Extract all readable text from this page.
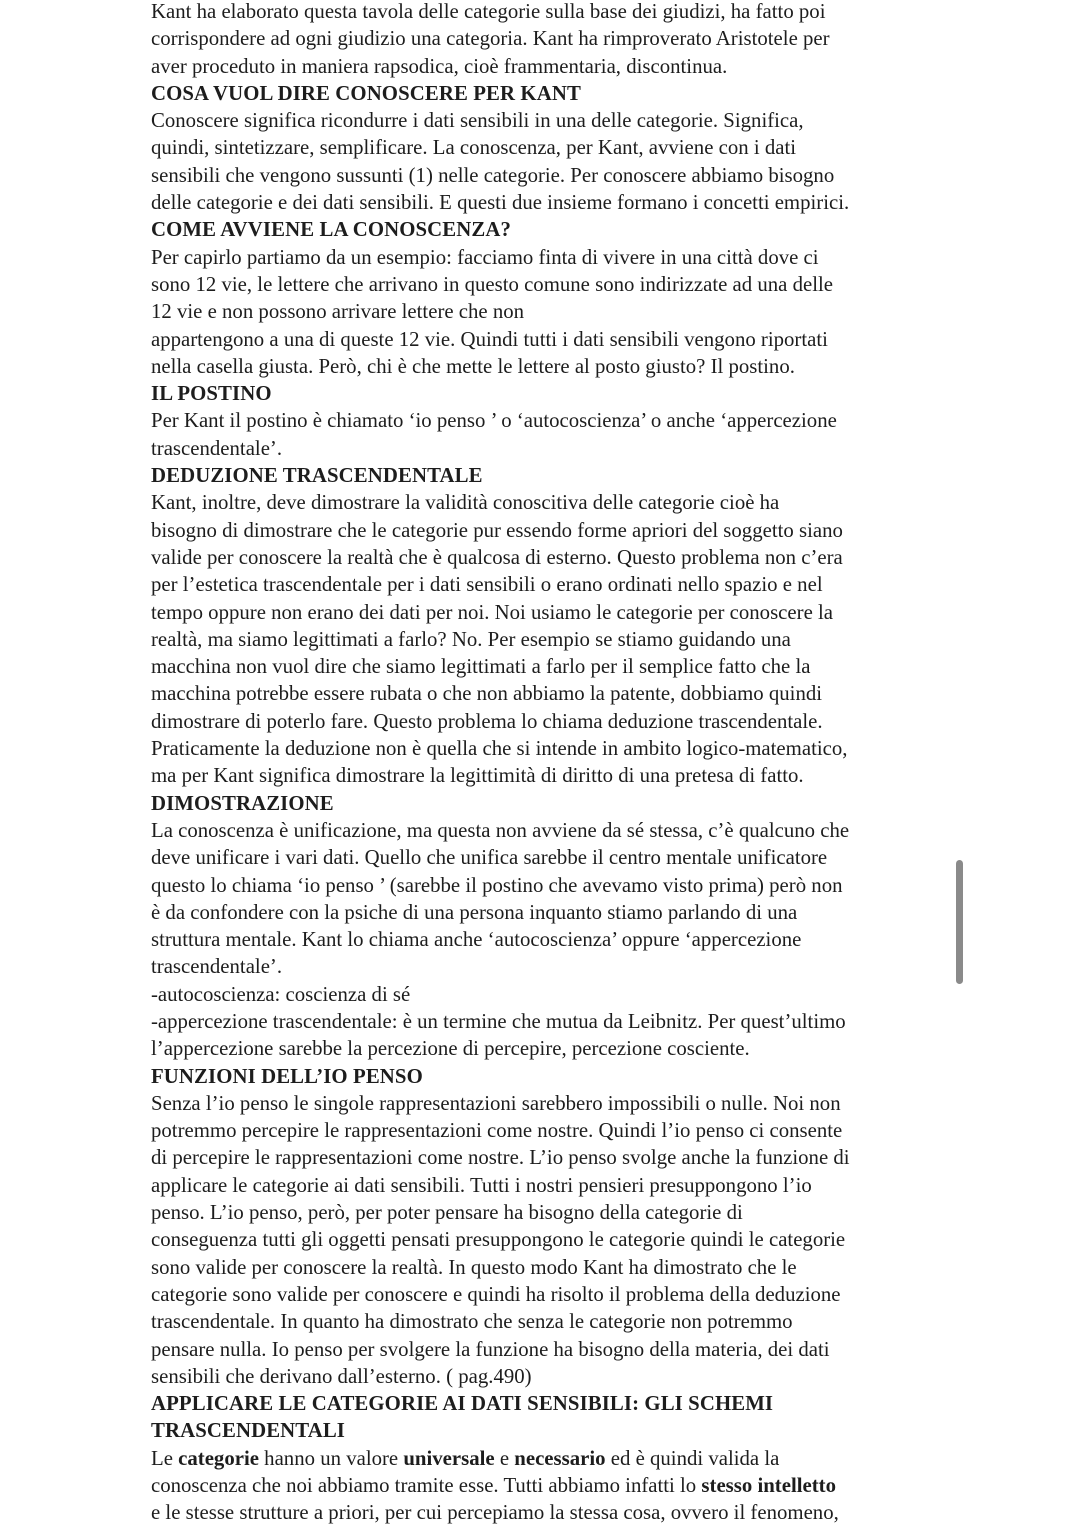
Kant ha elaborato questa tavola delle categorie sulla base dei giudizi, ha fatto poi
corrispondere ad ogni giudizio una categoria. Kant ha rimproverato Aristotele per
aver proceduto in maniera rapsodica, cioè frammentaria, discontinua.
COSA VUOL DIRE CONOSCERE PER KANT
Conoscere significa ricondurre i dati sensibili in una delle categorie. Significa,
quindi, sintetizzare, semplificare. La conoscenza, per Kant, avviene con i dati
sensibili che vengono sussunti (1) nelle categorie. Per conoscere abbiamo bisogno
delle categorie e dei dati sensibili. E questi due insieme formano i concetti empirici.
COME AVVIENE LA CONOSCENZA?
Per capirlo partiamo da un esempio: facciamo finta di vivere in una città dove ci
sono 12 vie, le lettere che arrivano in questo comune sono indirizzate ad una delle
12 vie e non possono arrivare lettere che non
appartengono a una di queste 12 vie. Quindi tutti i dati sensibili vengono riportati
nella casella giusta. Però, chi è che mette le lettere al posto giusto? Il postino.
IL POSTINO
Per Kant il postino è chiamato ‘io penso ’ o ‘autocoscienza’ o anche ‘appercezione
trascendentale’.
DEDUZIONE TRASCENDENTALE
Kant, inoltre, deve dimostrare la validità conoscitiva delle categorie cioè ha
bisogno di dimostrare che le categorie pur essendo forme apriori del soggetto siano
valide per conoscere la realtà che è qualcosa di esterno. Questo problema non c’era
per l’estetica trascendentale per i dati sensibili o erano ordinati nello spazio e nel
tempo oppure non erano dei dati per noi. Noi usiamo le categorie per conoscere la
realtà, ma siamo legittimati a farlo? No. Per esempio se stiamo guidando una
macchina non vuol dire che siamo legittimati a farlo per il semplice fatto che la
macchina potrebbe essere rubata o che non abbiamo la patente, dobbiamo quindi
dimostrare di poterlo fare. Questo problema lo chiama deduzione trascendentale.
Praticamente la deduzione non è quella che si intende in ambito logico-matematico,
ma per Kant significa dimostrare la legittimità di diritto di una pretesa di fatto.
DIMOSTRAZIONE
La conoscenza è unificazione, ma questa non avviene da sé stessa, c’è qualcuno che
deve unificare i vari dati. Quello che unifica sarebbe il centro mentale unificatore
questo lo chiama ‘io penso ’ (sarebbe il postino che avevamo visto prima) però non
è da confondere con la psiche di una persona inquanto stiamo parlando di una
struttura mentale. Kant lo chiama anche ‘autocoscienza’ oppure ‘appercezione
trascendentale’.
-autocoscienza: coscienza di sé
-appercezione trascendentale: è un termine che mutua da Leibnitz. Per quest’ultimo
l’appercezione sarebbe la percezione di percepire, percezione cosciente.
FUNZIONI DELL’IO PENSO
Senza l’io penso le singole rappresentazioni sarebbero impossibili o nulle. Noi non
potremmo percepire le rappresentazioni come nostre. Quindi l’io penso ci consente
di percepire le rappresentazioni come nostre. L’io penso svolge anche la funzione di
applicare le categorie ai dati sensibili. Tutti i nostri pensieri presuppongono l’io
penso. L’io penso, però, per poter pensare ha bisogno della categorie di
conseguenza tutti gli oggetti pensati presuppongono le categorie quindi le categorie
sono valide per conoscere la realtà. In questo modo Kant ha dimostrato che le
categorie sono valide per conoscere e quindi ha risolto il problema della deduzione
trascendentale. In quanto ha dimostrato che senza le categorie non potremmo
pensare nulla. Io penso per svolgere la funzione ha bisogno della materia, dei dati
sensibili che derivano dall’esterno. ( pag.490)
APPLICARE LE CATEGORIE AI DATI SENSIBILI: GLI SCHEMI
TRASCENDENTALI
Le categorie hanno un valore universale e necessario ed è quindi valida la
conoscenza che noi abbiamo tramite esse. Tutti abbiamo infatti lo stesso intelletto
e le stesse strutture a priori, per cui percepiamo la stessa cosa, ovvero il fenomeno,
